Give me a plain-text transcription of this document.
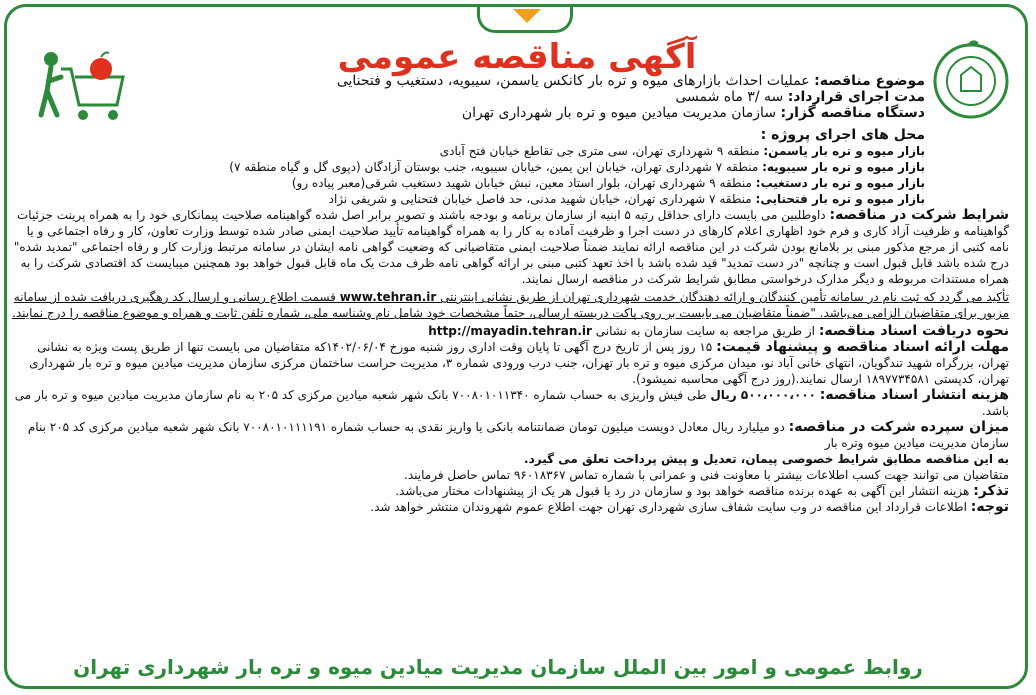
آگهی مناقصه عمومی

موضوع مناقصه: عملیات احداث بازارهای میوه و تره بار کانکس یاسمن، سیبویه، دستغیب و فتحنایی

مدت اجرای قرارداد: سه /۳ ماه شمسی

دستگاه مناقصه گزار: سازمان مدیریت میادین میوه و تره بار شهرداری تهران

محل های اجرای پروژه :

بازار میوه و تره بار یاسمن: منطقه ۹ شهرداری تهران، سی متری جی تقاطع خیابان فتح آبادی

بازار میوه و تره بار سیبویه: منطقه ۷ شهرداری تهران، خیابان ابن یمین، خیابان سیبویه، جنب بوستان آزادگان (دپوی گل و گیاه منطقه ۷)

بازار میوه و تره بار دستغیب: منطقه ۹ شهرداری تهران، بلوار استاد معین، نبش خیابان شهید دستغیب شرقی(معبر پیاده رو)

بازار میوه و تره بار فتحنایی: منطقه ۷ شهرداری تهران، خیابان شهید مدنی، حد فاصل خیابان فتحنایی و شریفی نژاد

شرایط شرکت در مناقصه: داوطلبین می بایست دارای حداقل رتبه ۵ ابنیه از سازمان برنامه و بودجه باشند و تصویر برابر اصل شده گواهینامه صلاحیت پیمانکاری خود را به همراه پرینت جزئیات گواهینامه و ظرفیت آزاد کاری و فرم خود اظهاری اعلام کارهای در دست اجرا و ظرفیت آماده به کار را به همراه گواهینامه تأیید صلاحیت ایمنی صادر شده توسط وزارت تعاون، کار و رفاه اجتماعی و یا نامه کتبی از مرجع مذکور مبنی بر بلامانع بودن شرکت در این مناقصه ارائه نمایند ضمناً صلاحیت ایمنی متقاضیانی که وضعیت گواهی نامه ایشان در سامانه مرتبط وزارت کار و رفاه اجتماعی "تمدید شده" درج شده باشد قابل قبول است و چنانچه "در دست تمدید" قید شده باشد با اخذ تعهد کتبی مبنی بر ارائه گواهی نامه ظرف مدت یک ماه قابل قبول خواهد بود همچنین میبایست کد اقتصادی شرکت را به همراه مستندات مربوطه و دیگر مدارک درخواستی مطابق شرایط شرکت در مناقصه ارسال نمایند.

تأکید می گردد که ثبت نام در سامانه تأمین کنندگان و ارائه دهندگان خدمت شهرداری تهران از طریق نشانی اینترنتی www.tehran.ir قسمت اطلاع رسانی و ارسال کد رهگیری دریافت شده از سامانه مزبور برای متقاضیان الزامی می‌باشد. "ضمناً متقاضیان می بایست بر روی پاکت دریسته ارسالی، حتماً مشخصات خود شامل نام وشناسه ملی، شماره تلفن ثابت و همراه و موضوع مناقصه را درج نمایند.

نحوه دریافت اسناد مناقصه: از طریق مراجعه به سایت سازمان به نشانی http://mayadin.tehran.ir

مهلت ارائه اسناد مناقصه و پیشنهاد قیمت: ۱۵ روز پس از تاریخ درج آگهی تا پایان وقت اداری روز شنبه مورخ ۱۴۰۲/۰۶/۰۴که متقاضیان می بایست تنها از طریق پست ویژه به نشانی تهران، بزرگراه شهید تندگویان، انتهای خانی آباد نو، میدان مرکزی میوه و تره بار تهران، جنب درب ورودی شماره ۳، مدیریت حراست ساختمان مرکزی سازمان مدیریت میادین میوه و تره بار شهرداری تهران، کدپستی ۱۸۹۷۷۳۴۵۸۱ ارسال نمایند.(روز درج آگهی محاسبه نمیشود).

هزینه انتشار اسناد مناقصه: ۵۰۰،۰۰۰،۰۰۰ ریال طی فیش واریزی به حساب شماره ۷۰۰۸۰۱۰۱۱۳۴۰ بانک شهر شعبه میادین مرکزی کد ۲۰۵ به نام سازمان مدیریت میادین میوه و تره بار می باشد.

میزان سپرده شرکت در مناقصه: دو میلیارد ریال معادل دویست میلیون تومان ضمانتنامه بانکی یا واریز نقدی به حساب شماره ۷۰۰۸۰۱۰۱۱۱۱۹۱ بانک شهر شعبه میادین مرکزی کد ۲۰۵ بنام سازمان مدیریت میادین میوه وتره بار

به این مناقصه مطابق شرایط خصوصی پیمان، تعدیل و پیش پرداخت تعلق می گیرد.

متقاضیان می توانند جهت کسب اطلاعات بیشتر با معاونت فنی و عمرانی با شماره تماس ۹۶۰۱۸۳۶۷ تماس حاصل فرمایند.

تذکر: هزینه انتشار این آگهی به عهده برنده مناقصه خواهد بود و سازمان در رد یا قبول هر یک از پیشنهادات مختار می‌باشد.

توجه: اطلاعات قرارداد این مناقصه در وب سایت شفاف سازی شهرداری تهران جهت اطلاع عموم شهروندان منتشر خواهد شد.

روابط عمومی و امور بین الملل سازمان مدیریت میادین میوه و تره بار شهرداری تهران
